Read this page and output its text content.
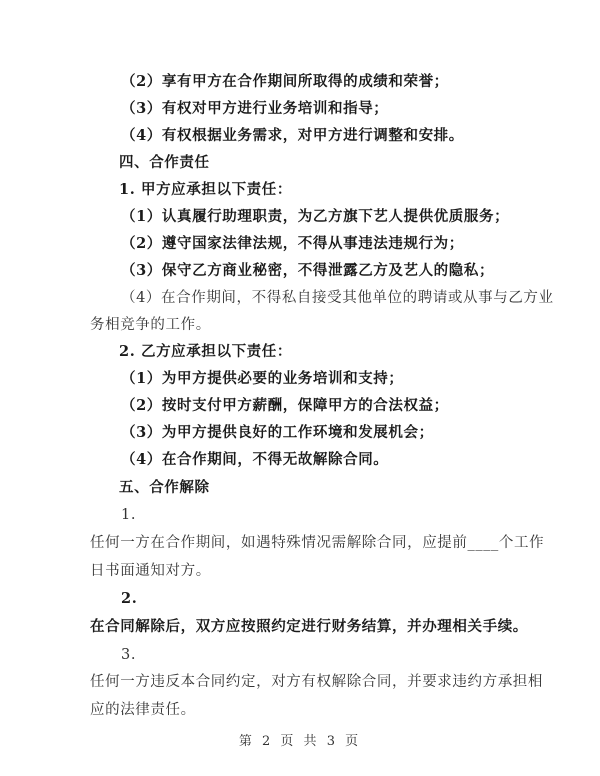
（2）享有甲方在合作期间所取得的成绩和荣誉；
（3）有权对甲方进行业务培训和指导；
（4）有权根据业务需求，对甲方进行调整和安排。
四、合作责任
1. 甲方应承担以下责任：
（1）认真履行助理职责，为乙方旗下艺人提供优质服务；
（2）遵守国家法律法规，不得从事违法违规行为；
（3）保守乙方商业秘密，不得泄露乙方及艺人的隐私；
（4）在合作期间，不得私自接受其他单位的聘请或从事与乙方业
务相竞争的工作。
2. 乙方应承担以下责任：
（1）为甲方提供必要的业务培训和支持；
（2）按时支付甲方薪酬，保障甲方的合法权益；
（3）为甲方提供良好的工作环境和发展机会；
（4）在合作期间，不得无故解除合同。
五、合作解除
1.
任何一方在合作期间，如遇特殊情况需解除合同，应提前____个工作
日书面通知对方。
2.
在合同解除后，双方应按照约定进行财务结算，并办理相关手续。
3.
任何一方违反本合同约定，对方有权解除合同，并要求违约方承担相
第 2 页 共 3 页
应的法律责任。
